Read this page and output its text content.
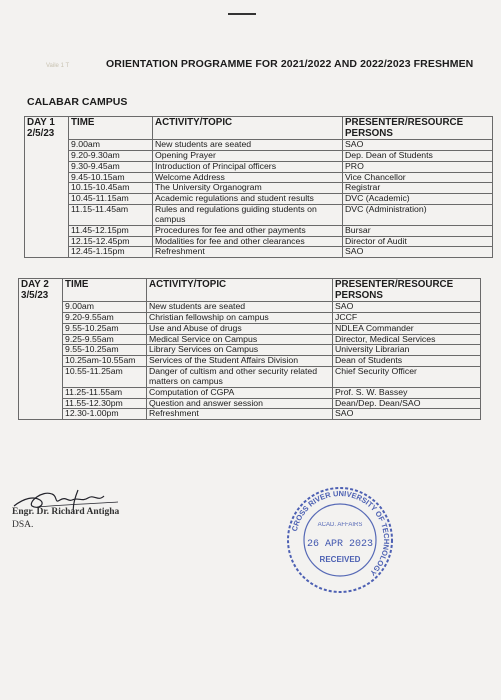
Vaile 1 T	ORIENTATION PROGRAMME FOR 2021/2022 AND 2022/2023 FRESHMEN
CALABAR CAMPUS
DAY 1
2/5/23	TIME	ACTIVITY/TOPIC	PRESENTER/RESOURCE PERSONS
	9.00am	New students are seated	SAO
	9.20-9.30am	Opening Prayer	Dep. Dean of Students
	9.30-9.45am	Introduction of Principal officers	PRO
	9.45-10.15am	Welcome Address	Vice Chancellor
	10.15-10.45am	The University Organogram	Registrar
	10.45-11.15am	Academic regulations and student results	DVC (Academic)
	11.15-11.45am	Rules and regulations guiding students on campus	DVC (Administration)
	11.45-12.15pm	Procedures for fee and other payments	Bursar
	12.15-12.45pm	Modalities for fee and other clearances	Director of Audit
	12.45-1.15pm	Refreshment	SAO
DAY 2
3/5/23	TIME	ACTIVITY/TOPIC	PRESENTER/RESOURCE PERSONS
	9.00am	New students are seated	SAO
	9.20-9.55am	Christian fellowship on campus	JCCF
	9.55-10.25am	Use and Abuse of drugs	NDLEA Commander
	9.25-9.55am	Medical Service on Campus	Director, Medical Services
	9.55-10.25am	Library Services on Campus	University Librarian
	10.25am-10.55am	Services of the Student Affairs Division	Dean of Students
	10.55-11.25am	Danger of cultism and other security related matters on campus	Chief Security Officer
	11.25-11.55am	Computation of CGPA	Prof. S. W. Bassey
	11.55-12.30pm	Question and answer session	Dean/Dep. Dean/SAO
	12.30-1.00pm	Refreshment	SAO
Engr. Dr. Richard Antigha
DSA.	CROSS RIVER UNIVERSITY OF TECHNOLOGY
ACAD. AFFAIRS
26 APR 2023
RECEIVED
